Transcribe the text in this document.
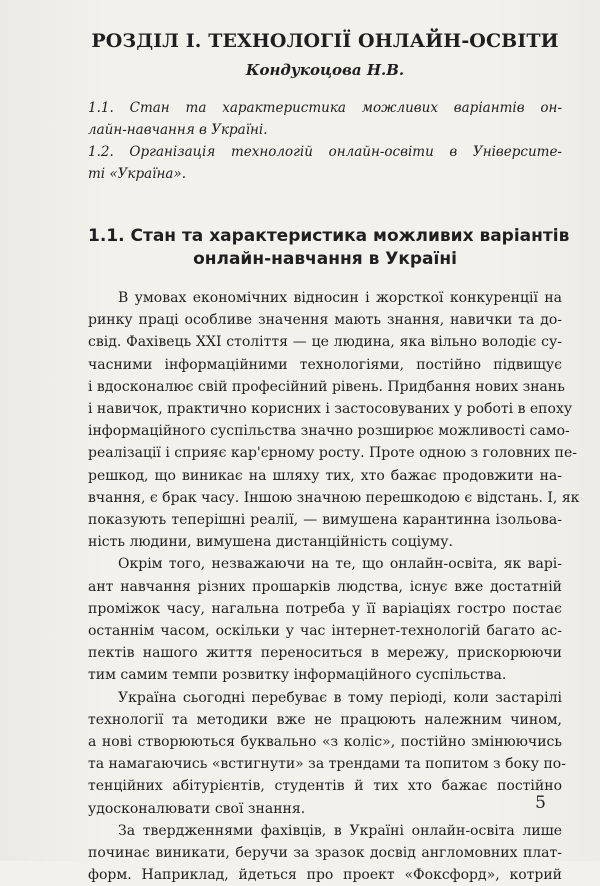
РОЗДІЛ І. ТЕХНОЛОГІЇ ОНЛАЙН-ОСВІТИ
Кондукоцова Н.В.
1.1. Стан та характеристика можливих варіантів он-
лайн-навчання в Україні.
1.2. Організація технологій онлайн-освіти в Університе-
ті «Україна».
1.1. Стан та характеристика можливих варіантів
онлайн-навчання в Україні

В умовах економічних відносин і жорсткої конкуренції на
ринку праці особливе значення мають знання, навички та до-
свід. Фахівець XXI століття — це людина, яка вільно володіє су-
часними інформаційними технологіями, постійно підвищує
і вдосконалює свій професійний рівень. Придбання нових знань
і навичок, практично корисних і застосовуваних у роботі в епоху
інформаційного суспільства значно розширює можливості само-
реалізації і сприяє кар'єрному росту. Проте одною з головних пе-
решкод, що виникає на шляху тих, хто бажає продовжити на-
вчання, є брак часу. Іншою значною перешкодою є відстань. І, як
показують теперішні реалії, — вимушена карантинна ізольова-
ність людини, вимушена дистанційність соціуму.

Окрім того, незважаючи на те, що онлайн-освіта, як варі-
ант навчання різних прошарків людства, існує вже достатній
проміжок часу, нагальна потреба у її варіаціях гостро постає
останнім часом, оскільки у час інтернет-технологій багато ас-
пектів нашого життя переноситься в мережу, прискорюючи
тим самим темпи розвитку інформаційного суспільства.

Україна сьогодні перебуває в тому періоді, коли застарілі
технології та методики вже не працюють належним чином,
а нові створюються буквально «з коліс», постійно змінюючись
та намагаючись «встигнути» за трендами та попитом з боку по-
тенційних абітурієнтів, студентів й тих хто бажає постійно
удосконалювати свої знання.

За твердженнями фахівців, в Україні онлайн-освіта лише
починає виникати, беручи за зразок досвід англомовних плат-
форм. Наприклад, йдеться про проект «Фоксфорд», котрий

5
